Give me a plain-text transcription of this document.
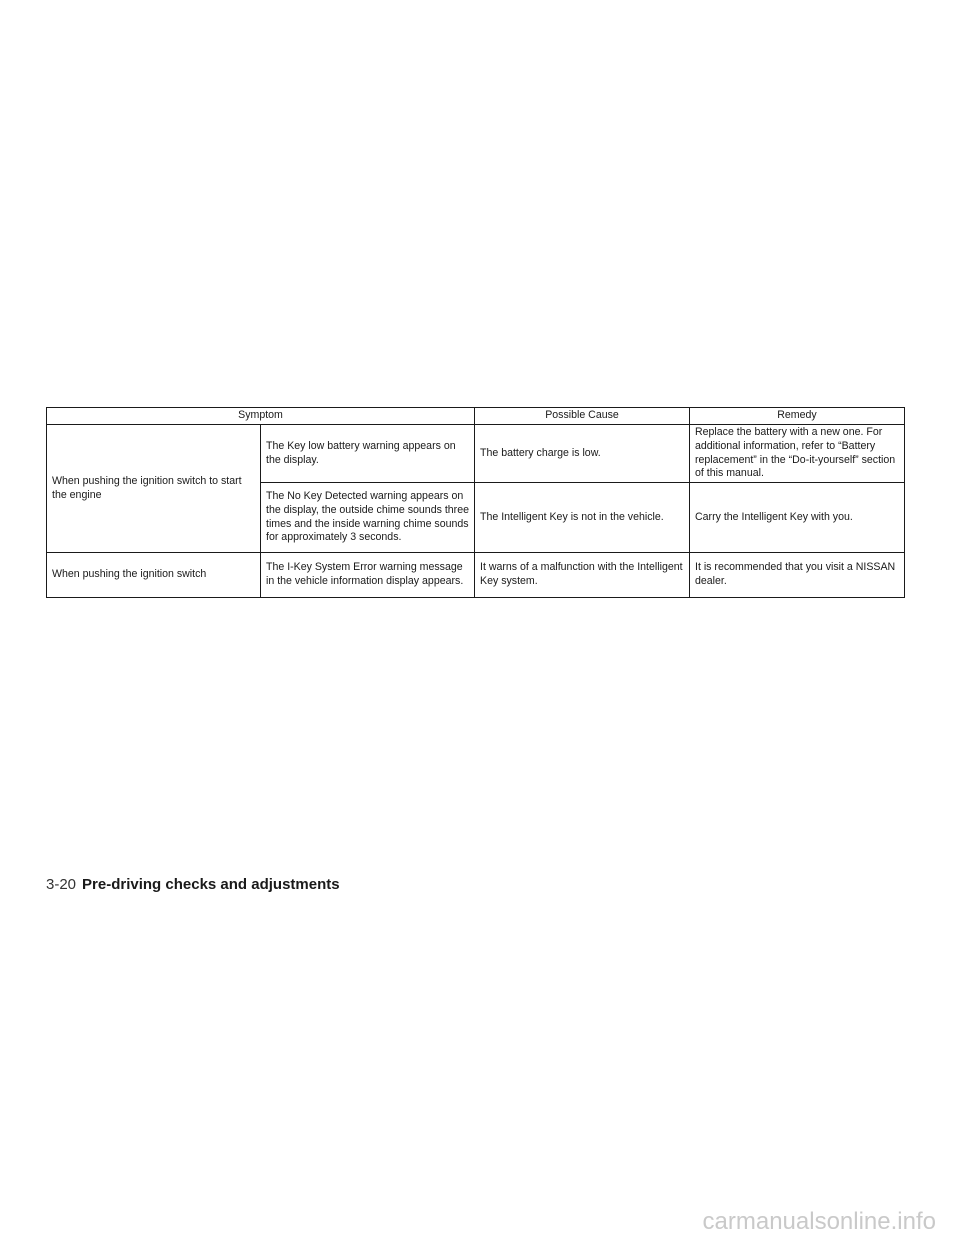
Symptom		Possible Cause	Remedy
When pushing the ignition switch to start the engine	The Key low battery warning appears on the display.	The battery charge is low.	Replace the battery with a new one. For additional information, refer to “Battery replacement” in the “Do-it-yourself” section of this manual.
	The No Key Detected warning appears on the display, the outside chime sounds three times and the inside warning chime sounds for approximately 3 seconds.	The Intelligent Key is not in the vehicle.	Carry the Intelligent Key with you.
When pushing the ignition switch	The I-Key System Error warning message in the vehicle information display appears.	It warns of a malfunction with the Intelligent Key system.	It is recommended that you visit a NISSAN dealer.
3-20 Pre-driving checks and adjustments
carmanualsonline.info
